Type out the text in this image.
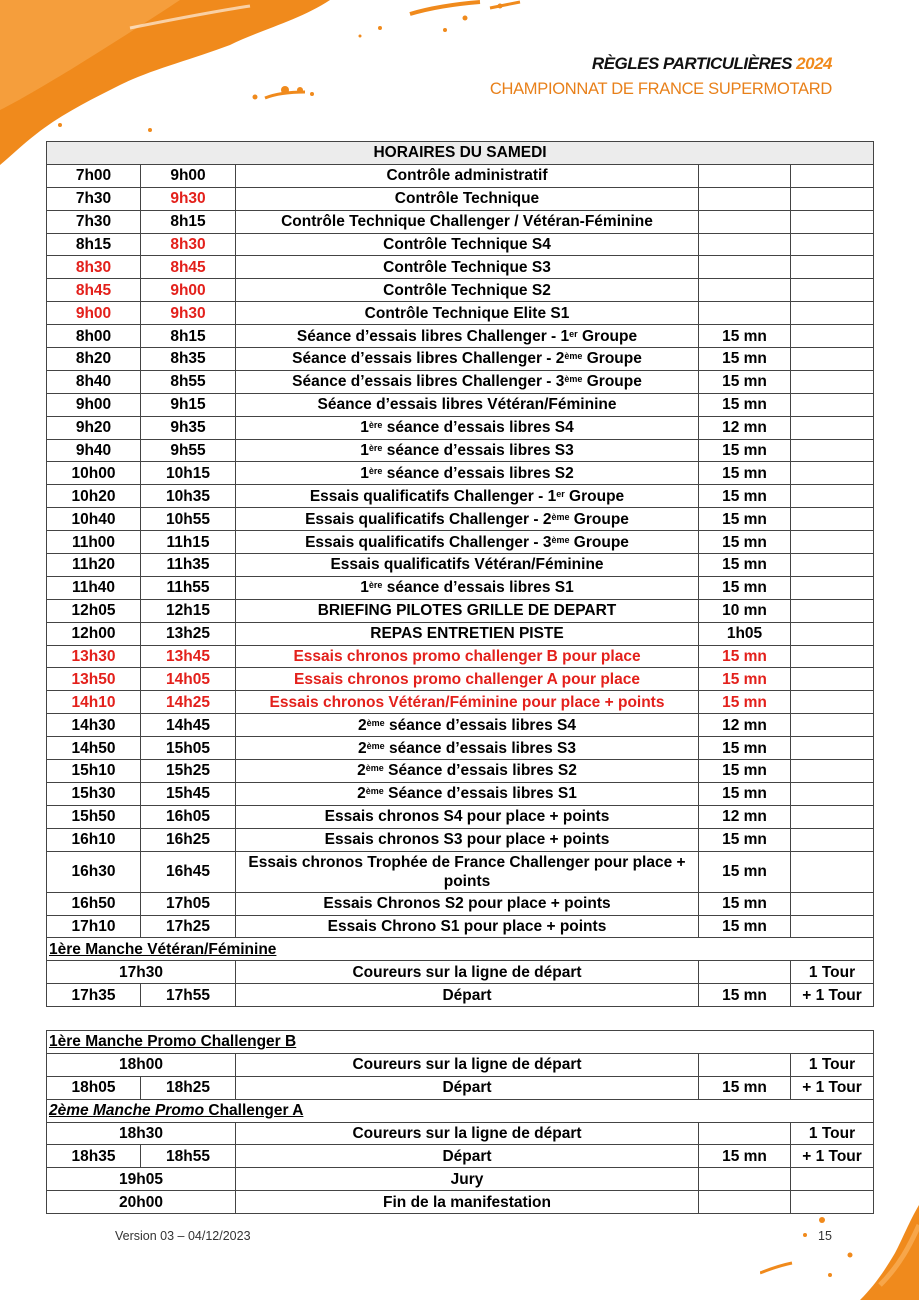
RÈGLES PARTICULIÈRES 2024
CHAMPIONNAT DE FRANCE SUPERMOTARD
HORAIRES DU SAMEDI				
7h00	9h00	Contrôle administratif		
7h30	9h30	Contrôle Technique		
7h30	8h15	Contrôle Technique Challenger / Vétéran-Féminine		
8h15	8h30	Contrôle Technique S4		
8h30	8h45	Contrôle Technique S3		
8h45	9h00	Contrôle Technique S2		
9h00	9h30	Contrôle Technique Elite S1		
8h00	8h15	Séance d’essais libres Challenger - 1er Groupe	15 mn	
8h20	8h35	Séance d’essais libres Challenger - 2ème Groupe	15 mn	
8h40	8h55	Séance d’essais libres Challenger - 3ème Groupe	15 mn	
9h00	9h15	Séance d’essais libres Vétéran/Féminine	15 mn	
9h20	9h35	1ère séance d’essais libres S4	12 mn	
9h40	9h55	1ère séance d’essais libres S3	15 mn	
10h00	10h15	1ère séance d’essais libres S2	15 mn	
10h20	10h35	Essais qualificatifs Challenger - 1er Groupe	15 mn	
10h40	10h55	Essais qualificatifs Challenger - 2ème Groupe	15 mn	
11h00	11h15	Essais qualificatifs Challenger - 3ème Groupe	15 mn	
11h20	11h35	Essais qualificatifs Vétéran/Féminine	15 mn	
11h40	11h55	1ère séance d’essais libres S1	15 mn	
12h05	12h15	BRIEFING PILOTES GRILLE DE DEPART	10 mn	
12h00	13h25	REPAS ENTRETIEN PISTE	1h05	
13h30	13h45	Essais chronos promo challenger B pour place	15 mn	
13h50	14h05	Essais chronos promo challenger A pour place	15 mn	
14h10	14h25	Essais chronos Vétéran/Féminine pour place + points	15 mn	
14h30	14h45	2ème séance d’essais libres S4	12 mn	
14h50	15h05	2ème séance d’essais libres S3	15 mn	
15h10	15h25	2ème Séance d’essais libres S2	15 mn	
15h30	15h45	2ème Séance d’essais libres S1	15 mn	
15h50	16h05	Essais chronos S4 pour place + points	12 mn	
16h10	16h25	Essais chronos S3 pour place + points	15 mn	
16h30	16h45	Essais chronos Trophée de France Challenger pour place + points	15 mn	
16h50	17h05	Essais Chronos S2 pour place + points	15 mn	
17h10	17h25	Essais Chrono S1 pour place + points	15 mn	
1ère Manche Vétéran/Féminine				
17h30		Coureurs sur la ligne de départ		1 Tour
17h35	17h55	Départ	15 mn	+ 1 Tour
1ère Manche Promo Challenger B				
18h00		Coureurs sur la ligne de départ		1 Tour
18h05	18h25	Départ	15 mn	+ 1 Tour
2ème Manche Promo Challenger A				
18h30		Coureurs sur la ligne de départ		1 Tour
18h35	18h55	Départ	15 mn	+ 1 Tour
19h05		Jury		
20h00		Fin de la manifestation		
Version 03 – 04/12/2023	15
